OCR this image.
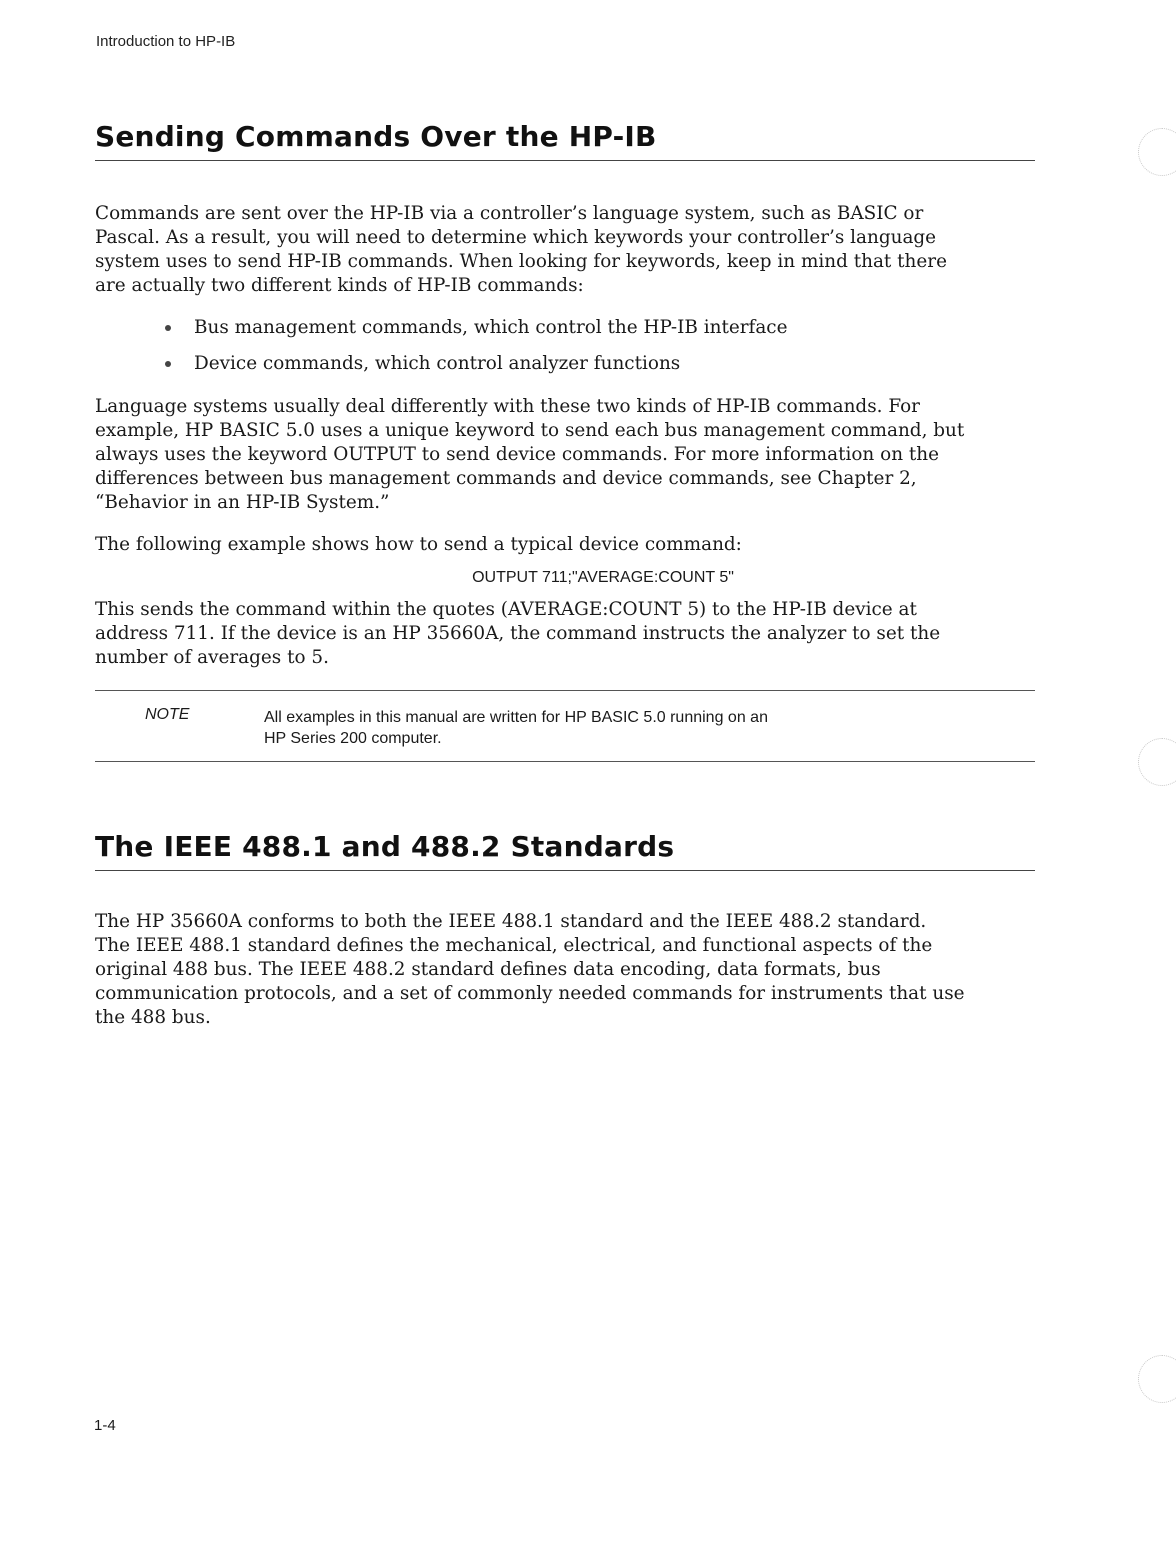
Introduction to HP-IB
Sending Commands Over the HP-IB

Commands are sent over the HP-IB via a controller’s language system, such as BASIC or

Pascal. As a result, you will need to determine which keywords your controller’s language

system uses to send HP-IB commands. When looking for keywords, keep in mind that there

are actually two different kinds of HP-IB commands:

Bus management commands, which control the HP-IB interface
Device commands, which control analyzer functions

Language systems usually deal differently with these two kinds of HP-IB commands. For

example, HP BASIC 5.0 uses a unique keyword to send each bus management command, but

always uses the keyword OUTPUT to send device commands. For more information on the

differences between bus management commands and device commands, see Chapter 2,

“Behavior in an HP-IB System.”

The following example shows how to send a typical device command:

OUTPUT 711;"AVERAGE:COUNT 5"

This sends the command within the quotes (AVERAGE:COUNT 5) to the HP-IB device at

address 711. If the device is an HP 35660A, the command instructs the analyzer to set the

number of averages to 5.

NOTE	All examples in this manual are written for HP BASIC 5.0 running on an
HP Series 200 computer.
The IEEE 488.1 and 488.2 Standards

The HP 35660A conforms to both the IEEE 488.1 standard and the IEEE 488.2 standard.

The IEEE 488.1 standard defines the mechanical, electrical, and functional aspects of the

original 488 bus. The IEEE 488.2 standard defines data encoding, data formats, bus

communication protocols, and a set of commonly needed commands for instruments that use

the 488 bus.

1-4
